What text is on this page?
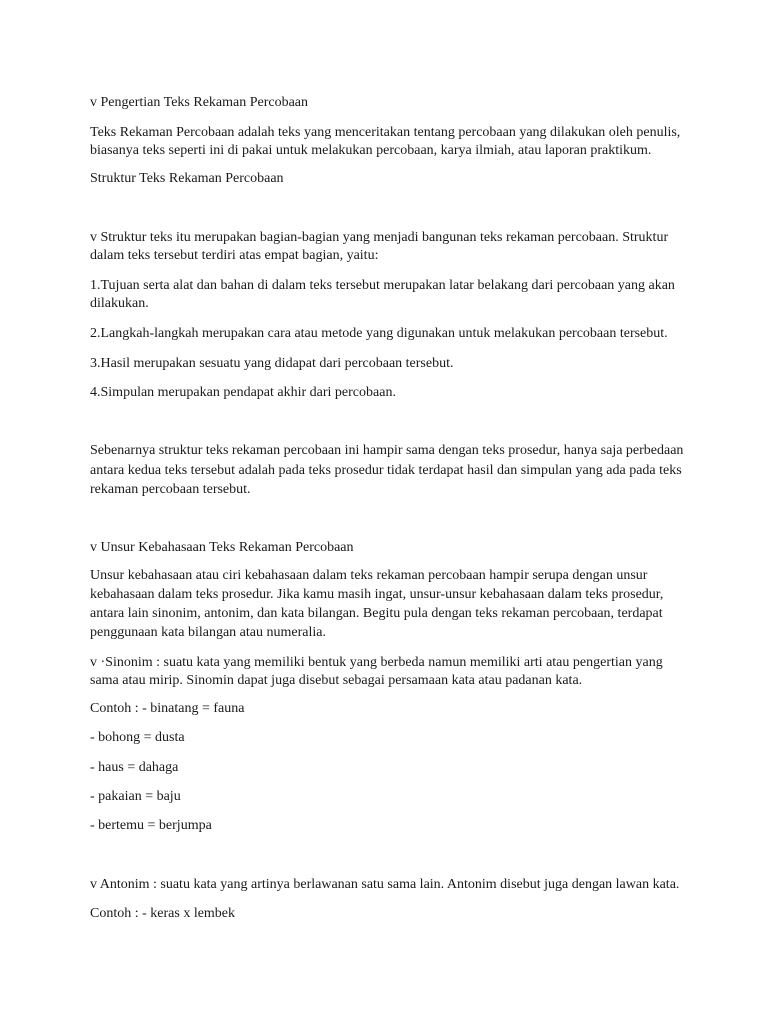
v Pengertian Teks Rekaman Percobaan
Teks Rekaman Percobaan adalah teks yang menceritakan tentang percobaan yang dilakukan oleh penulis,
biasanya teks seperti ini di pakai untuk melakukan percobaan, karya ilmiah, atau laporan praktikum.
Struktur Teks Rekaman Percobaan
v Struktur teks itu merupakan bagian-bagian yang menjadi bangunan teks rekaman percobaan. Struktur
dalam teks tersebut terdiri atas empat bagian, yaitu:
1.Tujuan serta alat dan bahan di dalam teks tersebut merupakan latar belakang dari percobaan yang akan
dilakukan.
2.Langkah-langkah merupakan cara atau metode yang digunakan untuk melakukan percobaan tersebut.
3.Hasil merupakan sesuatu yang didapat dari percobaan tersebut.
4.Simpulan merupakan pendapat akhir dari percobaan.
Sebenarnya struktur teks rekaman percobaan ini hampir sama dengan teks prosedur, hanya saja perbedaan
antara kedua teks tersebut adalah pada teks prosedur tidak terdapat hasil dan simpulan yang ada pada teks
rekaman percobaan tersebut.
v Unsur Kebahasaan Teks Rekaman Percobaan
Unsur kebahasaan atau ciri kebahasaan dalam teks rekaman percobaan hampir serupa dengan unsur
kebahasaan dalam teks prosedur. Jika kamu masih ingat, unsur-unsur kebahasaan dalam teks prosedur,
antara lain sinonim, antonim, dan kata bilangan. Begitu pula dengan teks rekaman percobaan, terdapat
penggunaan kata bilangan atau numeralia.
v ·Sinonim : suatu kata yang memiliki bentuk yang berbeda namun memiliki arti atau pengertian yang
sama atau mirip. Sinomin dapat juga disebut sebagai persamaan kata atau padanan kata.
Contoh : - binatang = fauna
- bohong = dusta
- haus = dahaga
- pakaian = baju
- bertemu = berjumpa
v Antonim : suatu kata yang artinya berlawanan satu sama lain. Antonim disebut juga dengan lawan kata.
Contoh : - keras x lembek
